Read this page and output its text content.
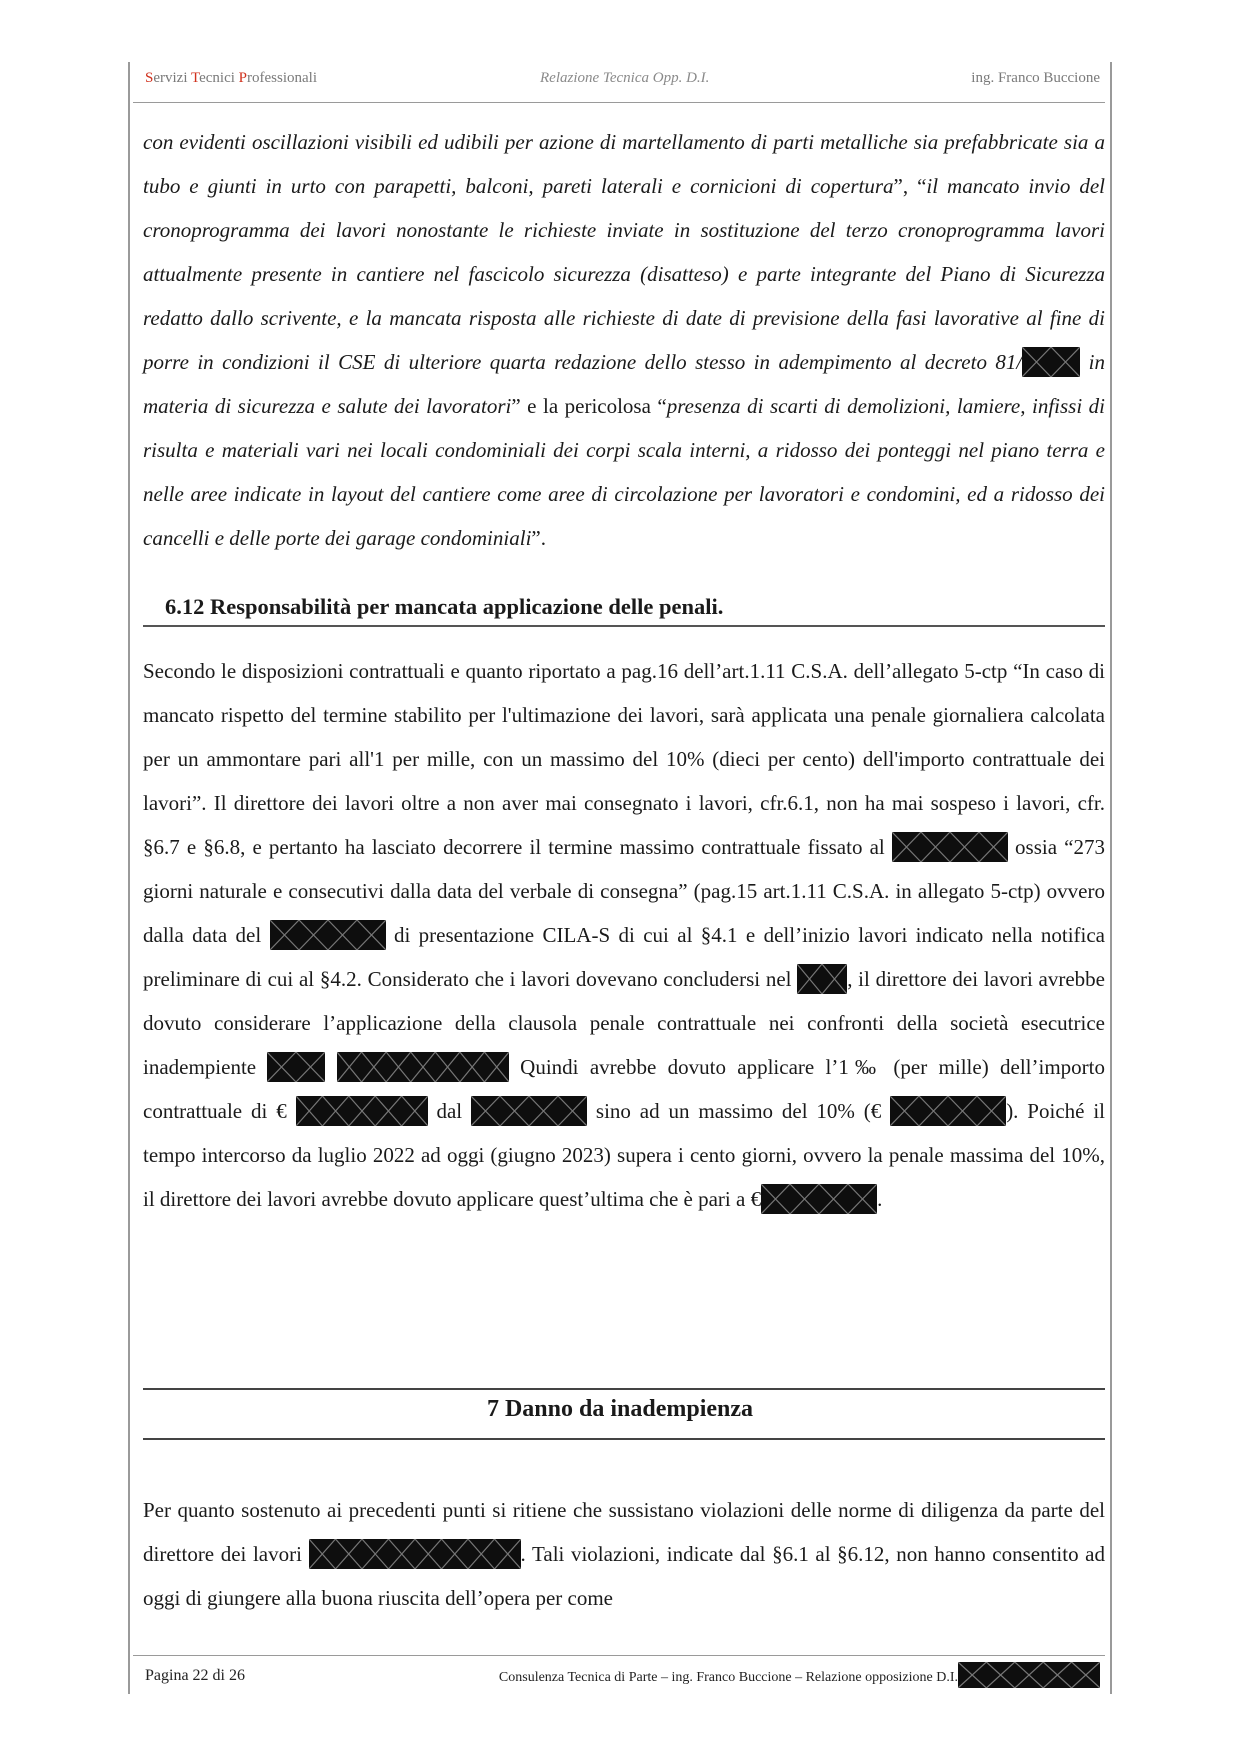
Servizi Tecnici Professionali	Relazione Tecnica Opp. D.I.	ing. Franco Buccione
con evidenti oscillazioni visibili ed udibili per azione di martellamento di parti metalliche sia prefabbricate sia a tubo e giunti in urto con parapetti, balconi, pareti laterali e cornicioni di copertura”, “il mancato invio del cronoprogramma dei lavori nonostante le richieste inviate in sostituzione del terzo cronoprogramma lavori attualmente presente in cantiere nel fascicolo sicurezza (disatteso) e parte integrante del Piano di Sicurezza redatto dallo scrivente, e la mancata risposta alle richieste di date di previsione della fasi lavorative al fine di porre in condizioni il CSE di ulteriore quarta redazione dello stesso in adempimento al decreto 81/	in materia di sicurezza e salute dei lavoratori” e la pericolosa “presenza di scarti di demolizioni, lamiere, infissi di risulta e materiali vari nei locali condominiali dei corpi scala interni, a ridosso dei ponteggi nel piano terra e nelle aree indicate in layout del cantiere come aree di circolazione per lavoratori e condomini, ed a ridosso dei cancelli e delle porte dei garage condominiali”.
6.12 Responsabilità per mancata applicazione delle penali.
Secondo le disposizioni contrattuali e quanto riportato a pag.16 dell’art.1.11 C.S.A. dell’allegato 5-ctp “In caso di mancato rispetto del termine stabilito per l'ultimazione dei lavori, sarà applicata una penale giornaliera calcolata per un ammontare pari all'1 per mille, con un massimo del 10% (dieci per cento) dell'importo contrattuale dei lavori”. Il direttore dei lavori oltre a non aver mai consegnato i lavori, cfr.6.1, non ha mai sospeso i lavori, cfr. §6.7 e §6.8, e pertanto ha lasciato decorrere il termine massimo contrattuale fissato al	ossia “273 giorni naturale e consecutivi dalla data del verbale di consegna” (pag.15 art.1.11 C.S.A. in allegato 5-ctp) ovvero dalla data del	di presentazione CILA-S di cui al §4.1 e dell’inizio lavori indicato nella notifica preliminare di cui al §4.2. Considerato che i lavori dovevano concludersi nel
, il direttore dei lavori avrebbe dovuto considerare l’applicazione della clausola penale contrattuale nei confronti della società esecutrice inadempiente
	Quindi avrebbe dovuto applicare l’1‰ (per mille) dell’importo contrattuale di €	dal	sino ad un massimo del 10% (€	). Poiché il tempo intercorso da luglio 2022 ad oggi (giugno 2023) supera i cento giorni, ovvero la penale massima del 10%, il direttore dei lavori avrebbe dovuto applicare quest’ultima che è pari a €	.
7 Danno da inadempienza
Per quanto sostenuto ai precedenti punti si ritiene che sussistano violazioni delle norme di diligenza da parte del direttore dei lavori	. Tali violazioni, indicate dal §6.1 al §6.12, non hanno consentito ad oggi di giungere alla buona riuscita dell’opera per come
Pagina 22 di 26	Consulenza Tecnica di Parte – ing. Franco Buccione – Relazione opposizione D.I.
